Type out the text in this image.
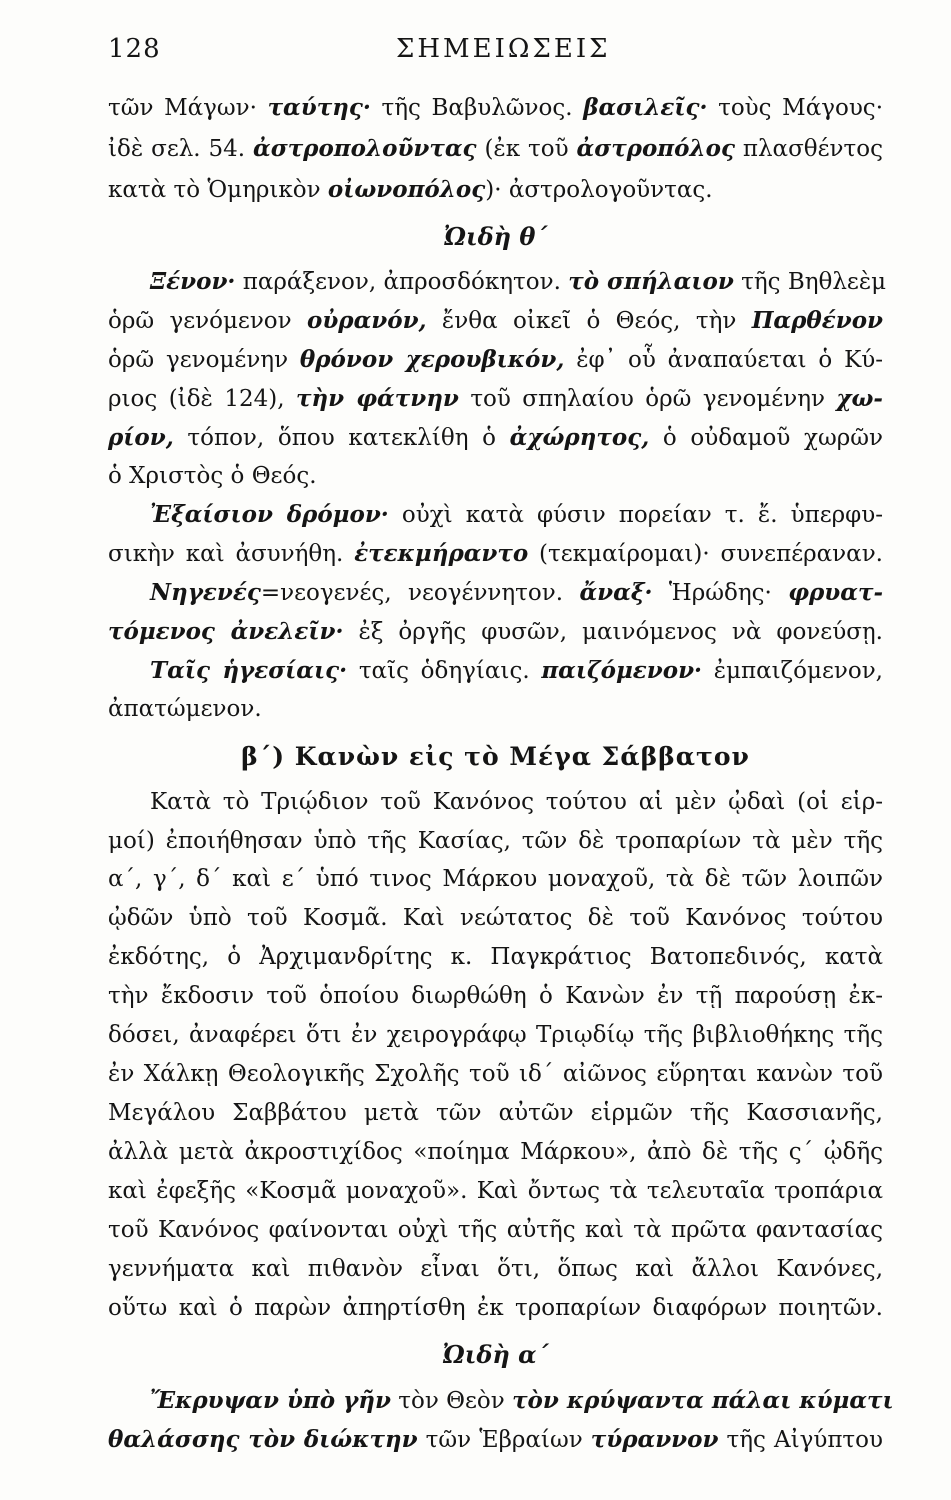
128	ΣΗΜΕΙΩΣΕΙΣ
τῶν Μάγων· ταύτης· τῆς Βαβυλῶνος. βασιλεῖς· τοὺς Μάγους·
ἰδὲ σελ. 54. ἀστροπολοῦντας (ἐκ τοῦ ἀστροπόλος πλασθέντος
κατὰ τὸ Ὁμηρικὸν οἰωνοπόλος)· ἀστρολογοῦντας.
Ὠιδὴ θ΄
Ξένον· παράξενον, ἀπροσδόκητον. τὸ σπήλαιον τῆς Βηθλεὲμ
ὁρῶ γενόμενον οὐρανόν, ἔνθα οἰκεῖ ὁ Θεός, τὴν Παρθένον
ὁρῶ γενομένην θρόνον χερουβικόν, ἐφ᾽ οὗ ἀναπαύεται ὁ Κύ-
ριος (ἰδὲ 124), τὴν φάτνην τοῦ σπηλαίου ὁρῶ γενομένην χω-
ρίον, τόπον, ὅπου κατεκλίθη ὁ ἀχώρητος, ὁ οὐδαμοῦ χωρῶν
ὁ Χριστὸς ὁ Θεός.
Ἐξαίσιον δρόμον· οὐχὶ κατὰ φύσιν πορείαν τ. ἔ. ὑπερφυ-
σικὴν καὶ ἀσυνήθη. ἐτεκμήραντο (τεκμαίρομαι)· συνεπέραναν.
Νηγενές=νεογενές, νεογέννητον. ἄναξ· Ἡρώδης· φρυατ-
τόμενος ἀνελεῖν· ἐξ ὀργῆς φυσῶν, μαινόμενος νὰ φονεύσῃ.
Ταῖς ἡγεσίαις· ταῖς ὁδηγίαις. παιζόμενον· ἐμπαιζόμενον,
ἀπατώμενον.
β΄) Κανὼν εἰς τὸ Μέγα Σάββατον
Κατὰ τὸ Τριῴδιον τοῦ Κανόνος τούτου αἱ μὲν ᾠδαὶ (οἱ εἱρ-
μοί) ἐποιήθησαν ὑπὸ τῆς Κασίας, τῶν δὲ τροπαρίων τὰ μὲν τῆς
α΄, γ΄, δ΄ καὶ ε΄ ὑπό τινος Μάρκου μοναχοῦ, τὰ δὲ τῶν λοιπῶν
ᾠδῶν ὑπὸ τοῦ Κοσμᾶ. Καὶ νεώτατος δὲ τοῦ Κανόνος τούτου
ἐκδότης, ὁ Ἀρχιμανδρίτης κ. Παγκράτιος Βατοπεδινός, κατὰ
τὴν ἔκδοσιν τοῦ ὁποίου διωρθώθη ὁ Κανὼν ἐν τῇ παρούσῃ ἐκ-
δόσει, ἀναφέρει ὅτι ἐν χειρογράφῳ Τριῳδίῳ τῆς βιβλιοθήκης τῆς
ἐν Χάλκῃ Θεολογικῆς Σχολῆς τοῦ ιδ΄ αἰῶνος εὕρηται κανὼν τοῦ
Μεγάλου Σαββάτου μετὰ τῶν αὐτῶν εἱρμῶν τῆς Κασσιανῆς,
ἀλλὰ μετὰ ἀκροστιχίδος «ποίημα Μάρκου», ἀπὸ δὲ τῆς ς΄ ᾠδῆς
καὶ ἐφεξῆς «Κοσμᾶ μοναχοῦ». Καὶ ὄντως τὰ τελευταῖα τροπάρια
τοῦ Κανόνος φαίνονται οὐχὶ τῆς αὐτῆς καὶ τὰ πρῶτα φαντασίας
γεννήματα καὶ πιθανὸν εἶναι ὅτι, ὅπως καὶ ἄλλοι Κανόνες,
οὕτω καὶ ὁ παρὼν ἀπηρτίσθη ἐκ τροπαρίων διαφόρων ποιητῶν.
Ὠιδὴ α΄
Ἔκρυψαν ὑπὸ γῆν τὸν Θεὸν τὸν κρύψαντα πάλαι κύματι
θαλάσσης τὸν διώκτην τῶν Ἑβραίων τύραννον τῆς Αἰγύπτου
